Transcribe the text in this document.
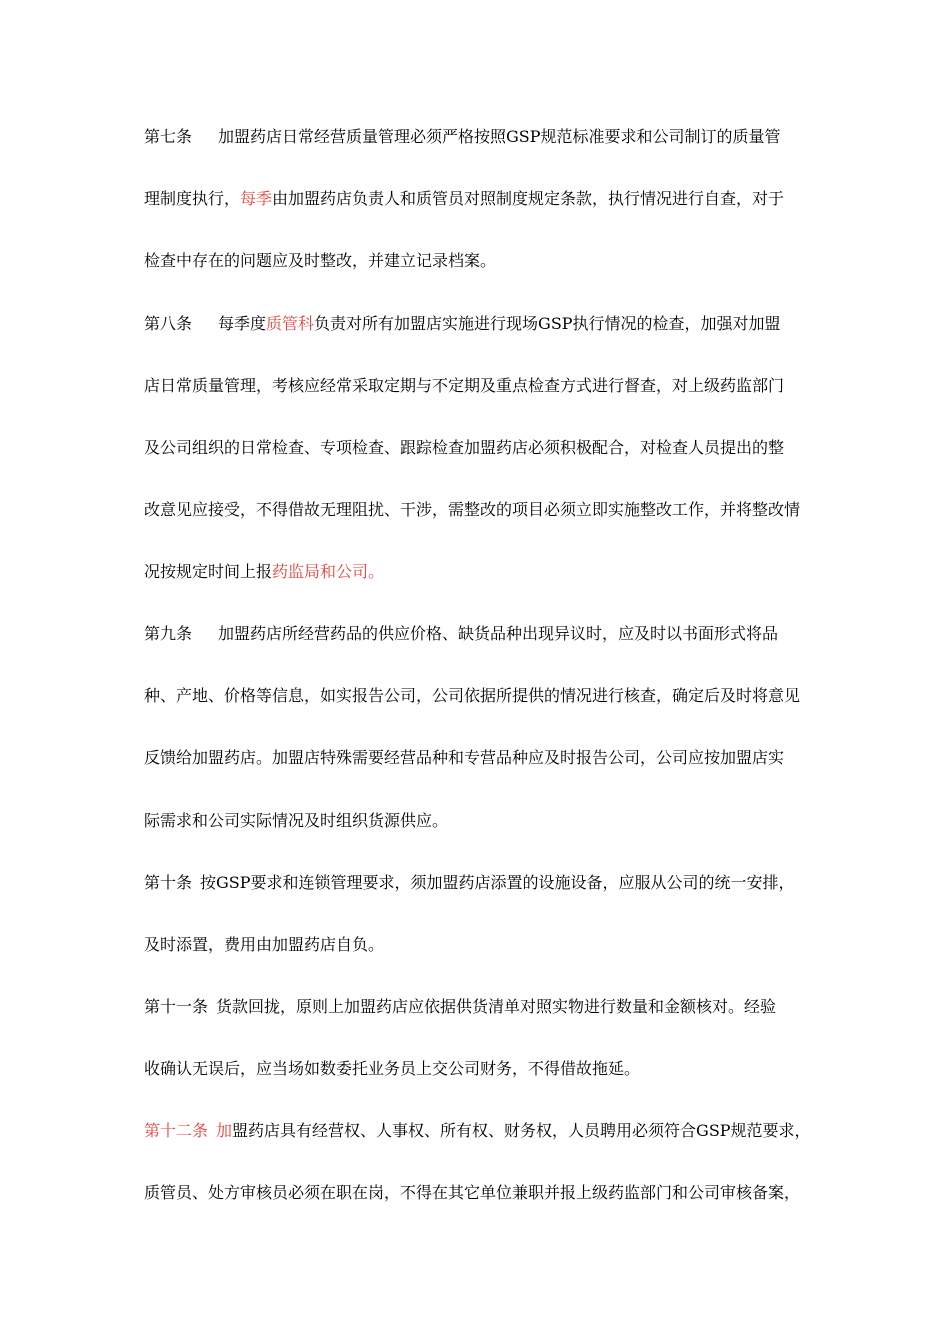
第七条 加盟药店日常经营质量管理必须严格按照GSP规范标准要求和公司制订的质量管
理制度执行，每季由加盟药店负责人和质管员对照制度规定条款，执行情况进行自查，对于
检查中存在的问题应及时整改，并建立记录档案。
第八条 每季度质管科负责对所有加盟店实施进行现场GSP执行情况的检查，加强对加盟
店日常质量管理，考核应经常采取定期与不定期及重点检查方式进行督查，对上级药监部门
及公司组织的日常检查、专项检查、跟踪检查加盟药店必须积极配合，对检查人员提出的整
改意见应接受，不得借故无理阻扰、干涉，需整改的项目必须立即实施整改工作，并将整改情
况按规定时间上报药监局和公司。
第九条 加盟药店所经营药品的供应价格、缺货品种出现异议时，应及时以书面形式将品
种、产地、价格等信息，如实报告公司，公司依据所提供的情况进行核查，确定后及时将意见
反馈给加盟药店。加盟店特殊需要经营品种和专营品种应及时报告公司，公司应按加盟店实
际需求和公司实际情况及时组织货源供应。
第十条 按GSP要求和连锁管理要求，须加盟药店添置的设施设备，应服从公司的统一安排，
及时添置，费用由加盟药店自负。
第十一条 货款回拢，原则上加盟药店应依据供货清单对照实物进行数量和金额核对。经验
收确认无误后，应当场如数委托业务员上交公司财务，不得借故拖延。
第十二条 加盟药店具有经营权、人事权、所有权、财务权，人员聘用必须符合GSP规范要求，
质管员、处方审核员必须在职在岗，不得在其它单位兼职并报上级药监部门和公司审核备案，
